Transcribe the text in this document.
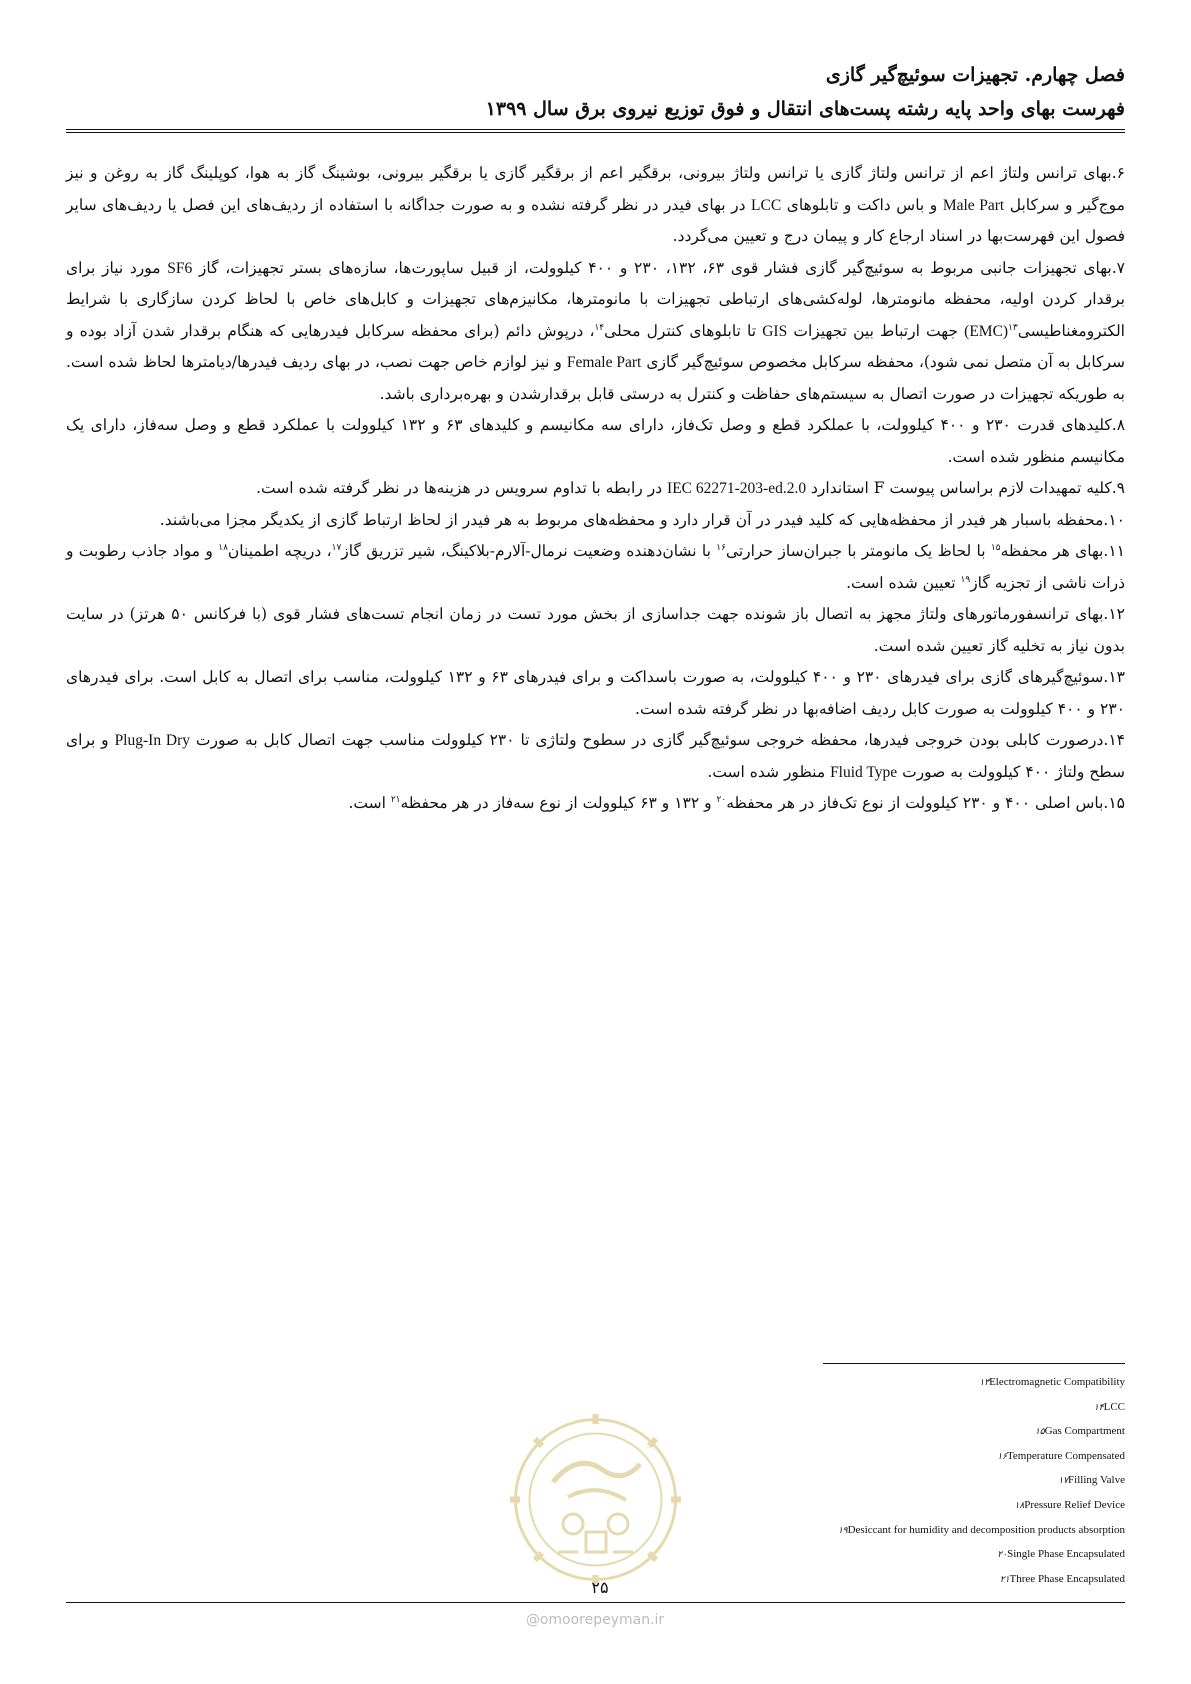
فصل چهارم. تجهیزات سوئیچ‌گیر گازی
فهرست بهای واحد پایه رشته پست‌های انتقال و فوق توزیع نیروی برق سال ۱۳۹۹

۶.بهای ترانس ولتاژ اعم از ترانس ولتاژ گازی یا ترانس ولتاژ بیرونی، برقگیر اعم از برقگیر گازی یا برقگیر بیرونی، بوشینگ گاز به هوا، کوپلینگ گاز به روغن و نیز موج‌گیر و سرکابل Male Part و باس داکت و تابلوهای LCC در بهای فیدر در نظر گرفته نشده و به صورت جداگانه با استفاده از ردیف‌های این فصل یا ردیف‌های سایر فصول این فهرست‌بها در اسناد ارجاع کار و پیمان درج و تعیین می‌گردد.

۷.بهای تجهیزات جانبی مربوط به سوئیچ‌گیر گازی فشار قوی ۶۳، ۱۳۲، ۲۳۰ و ۴۰۰ کیلوولت، از قبیل ساپورت‌ها، سازه‌های بستر تجهیزات، گاز SF6 مورد نیاز برای برقدار کردن اولیه، محفظه مانومترها، لوله‌کشی‌های ارتباطی تجهیزات با مانومترها، مکانیزم‌های تجهیزات و کابل‌های خاص با لحاظ کردن سازگاری با شرایط الکترومغناطیسی(EMC)$^{۱۳}$ جهت ارتباط بین تجهیزات GIS تا تابلوهای کنترل محلی$^{۱۴}$، درپوش دائم (برای محفظه سرکابل فیدرهایی که هنگام برقدار شدن آزاد بوده و سرکابل به آن متصل نمی شود)، محفظه سرکابل مخصوص سوئیچ‌گیر گازی Female Part و نیز لوازم خاص جهت نصب، در بهای ردیف فیدرها/دیامترها لحاظ شده است. به طوریکه تجهیزات در صورت اتصال به سیستم‌های حفاظت و کنترل به درستی قابل برقدارشدن و بهره‌برداری باشد.

۸.کلیدهای قدرت ۲۳۰ و ۴۰۰ کیلوولت، با عملکرد قطع و وصل تک‌فاز، دارای سه مکانیسم و کلیدهای ۶۳ و ۱۳۲ کیلوولت با عملکرد قطع و وصل سه‌فاز، دارای یک مکانیسم منظور شده است.

۹.کلیه تمهیدات لازم براساس پیوست F استاندارد IEC 62271-203-ed.2.0 در رابطه با تداوم سرویس در هزینه‌ها در نظر گرفته شده است.

۱۰.محفظه باسبار هر فیدر از محفظه‌هایی که کلید فیدر در آن قرار دارد و محفظه‌های مربوط به هر فیدر از لحاظ ارتباط گازی از یکدیگر مجزا می‌باشند.

۱۱.بهای هر محفظه$^{۱۵}$ با لحاظ یک مانومتر با جبران‌ساز حرارتی$^{۱۶}$ با نشان‌دهنده وضعیت نرمال-آلارم-بلاکینگ، شیر تزریق گاز$^{۱۷}$، دریچه اطمینان$^{۱۸}$ و مواد جاذب رطوبت و ذرات ناشی از تجزیه گاز$^{۱۹}$ تعیین شده است.

۱۲.بهای ترانسفورماتورهای ولتاژ مجهز به اتصال باز شونده جهت جداسازی از بخش مورد تست در زمان انجام تست‌های فشار قوی (با فرکانس ۵۰ هرتز) در سایت بدون نیاز به تخلیه گاز تعیین شده است.

۱۳.سوئیچ‌گیرهای گازی برای فیدرهای ۲۳۰ و ۴۰۰ کیلوولت، به صورت باسداکت و برای فیدرهای ۶۳ و ۱۳۲ کیلوولت، مناسب برای اتصال به کابل است. برای فیدرهای ۲۳۰ و ۴۰۰ کیلوولت به صورت کابل ردیف اضافه‌بها در نظر گرفته شده است.

۱۴.درصورت کابلی بودن خروجی فیدرها، محفظه خروجی سوئیچ‌گیر گازی در سطوح ولتاژی تا ۲۳۰ کیلوولت مناسب جهت اتصال کابل به صورت Plug-In Dry و برای سطح ولتاژ ۴۰۰ کیلوولت به صورت Fluid Type منظور شده است.

۱۵.باس اصلی ۴۰۰ و ۲۳۰ کیلوولت از نوع تک‌فاز در هر محفظه$^{۲۰}$ و ۱۳۲ و ۶۳ کیلوولت از نوع سه‌فاز در هر محفظه$^{۲۱}$ است.

۱۳Electromagnetic Compatibility
۱۴LCC
۱۵Gas Compartment
۱۶Temperature Compensated
۱۷Filling Valve
۱۸Pressure Relief Device
۱۹Desiccant for humidity and decomposition products absorption
۲۰Single Phase Encapsulated
۲۱Three Phase Encapsulated
۲۵
@omoorepeyman.ir
